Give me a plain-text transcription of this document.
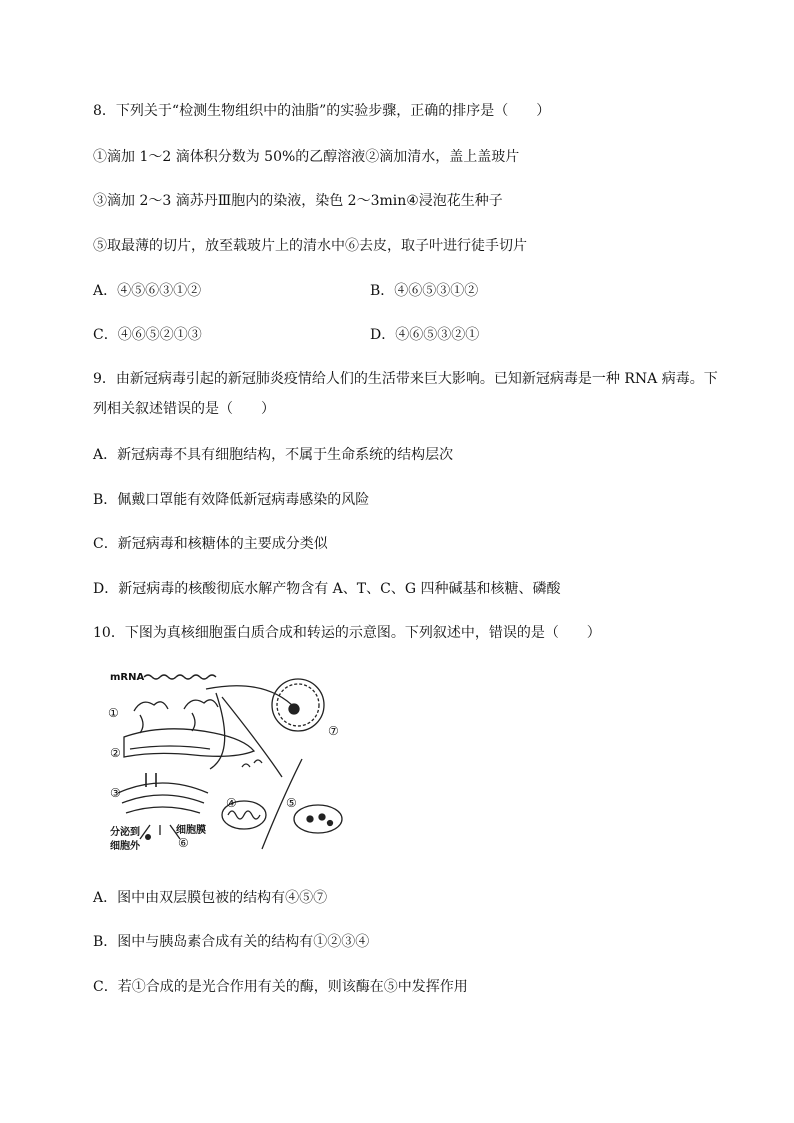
8．下列关于“检测生物组织中的油脂”的实验步骤，正确的排序是（　　）
①滴加 1～2 滴体积分数为 50%的乙醇溶液②滴加清水，盖上盖玻片
③滴加 2～3 滴苏丹Ⅲ胞内的染液，染色 2～3min④浸泡花生种子
⑤取最薄的切片，放至载玻片上的清水中⑥去皮，取子叶进行徒手切片
A．④⑤⑥③①②	B．④⑥⑤③①②
C．④⑥⑤②①③	D．④⑥⑤③②①
9．由新冠病毒引起的新冠肺炎疫情给人们的生活带来巨大影响。已知新冠病毒是一种 RNA 病毒。下
列相关叙述错误的是（　　）
A．新冠病毒不具有细胞结构，不属于生命系统的结构层次
B．佩戴口罩能有效降低新冠病毒感染的风险
C．新冠病毒和核糖体的主要成分类似
D．新冠病毒的核酸彻底水解产物含有 A、T、C、G 四种碱基和核糖、磷酸
10．下图为真核细胞蛋白质合成和转运的示意图。下列叙述中，错误的是（　　）
mRNA
①
②
③
④	⑤
⑥
⑦
分泌到
细胞外
细胞膜
A．图中由双层膜包被的结构有④⑤⑦
B．图中与胰岛素合成有关的结构有①②③④
C．若①合成的是光合作用有关的酶，则该酶在⑤中发挥作用
